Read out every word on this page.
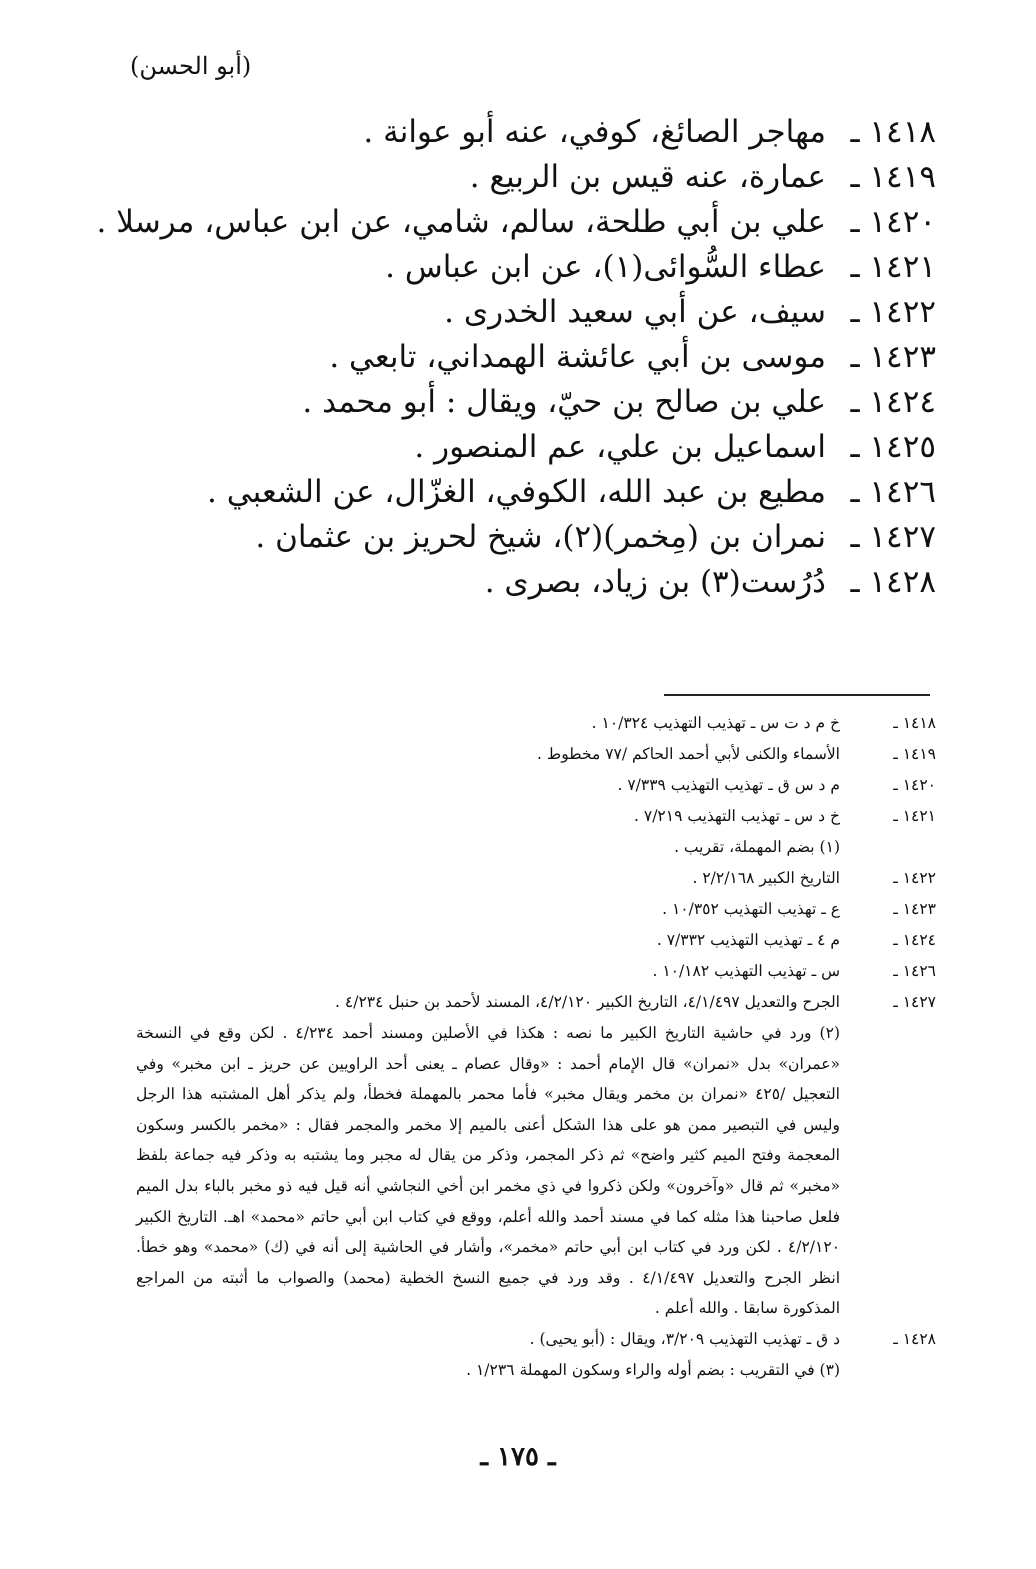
(أبو الحسن)
١٤١٨ ـمهاجر الصائغ، كوفي، عنه أبو عوانة .
١٤١٩ ـعمارة، عنه قيس بن الربيع .
١٤٢٠ ـعلي بن أبي طلحة، سالم، شامي، عن ابن عباس، مرسلا .
١٤٢١ ـعطاء السُّوائى(١)، عن ابن عباس .
١٤٢٢ ـسيف، عن أبي سعيد الخدرى .
١٤٢٣ ـموسى بن أبي عائشة الهمداني، تابعي .
١٤٢٤ ـعلي بن صالح بن حيّ، ويقال : أبو محمد .
١٤٢٥ ـاسماعيل بن علي، عم المنصور .
١٤٢٦ ـمطيع بن عبد الله، الكوفي، الغزّال، عن الشعبي .
١٤٢٧ ـنمران بن (مِخمر)(٢)، شيخ لحريز بن عثمان .
١٤٢٨ ـدُرُست(٣) بن زياد، بصرى .
١٤١٨ ـ
خ م د ت س ـ تهذيب التهذيب ١٠/٣٢٤ .
١٤١٩ ـ
الأسماء والكنى لأبي أحمد الحاكم /٧٧ مخطوط .
١٤٢٠ ـ
م د س ق ـ تهذيب التهذيب ٧/٣٣٩ .
١٤٢١ ـ
خ د س ـ تهذيب التهذيب ٧/٢١٩ .
(١) بضم المهملة، تقريب .
١٤٢٢ ـ
التاريخ الكبير ٢/٢/١٦٨ .
١٤٢٣ ـ
ع ـ تهذيب التهذيب ١٠/٣٥٢ .
١٤٢٤ ـ
م ٤ ـ تهذيب التهذيب ٧/٣٣٢ .
١٤٢٦ ـ
س ـ تهذيب التهذيب ١٠/١٨٢ .
١٤٢٧ ـ
الجرح والتعديل ٤/١/٤٩٧، التاريخ الكبير ٤/٢/١٢٠، المسند لأحمد بن حنبل ٤/٢٣٤ .
(٢) ورد في حاشية التاريخ الكبير ما نصه : هكذا في الأصلين ومسند أحمد ٤/٢٣٤ . لكن وقع في النسخة «عمران» بدل «نمران» قال الإمام أحمد : «وقال عصام ـ يعنى أحد الراويين عن حريز ـ ابن مخبر» وفي التعجيل /٤٢٥ «نمران بن مخمر ويقال مخبر» فأما محمر بالمهملة فخطأ، ولم يذكر أهل المشتبه هذا الرجل وليس في التبصير ممن هو على هذا الشكل أعنى بالميم إلا مخمر والمجمر فقال : «مخمر بالكسر وسكون المعجمة وفتح الميم كثير واضح» ثم ذكر المجمر، وذكر من يقال له مجبر وما يشتبه به وذكر فيه جماعة بلفظ «مخبر» ثم قال «وآخرون» ولكن ذكروا في ذي مخمر ابن أخي النجاشي أنه قيل فيه ذو مخبر بالباء بدل الميم فلعل صاحبنا هذا مثله كما في مسند أحمد والله أعلم، ووقع في كتاب ابن أبي حاتم «محمد» اهـ. التاريخ الكبير ٤/٢/١٢٠ . لكن ورد في كتاب ابن أبي حاتم «مخمر»، وأشار في الحاشية إلى أنه في (ك) «محمد» وهو خطأ. انظر الجرح والتعديل ٤/١/٤٩٧ . وقد ورد في جميع النسخ الخطية (محمد) والصواب ما أثبته من المراجع المذكورة سابقا . والله أعلم .
١٤٢٨ ـ
د ق ـ تهذيب التهذيب ٣/٢٠٩، ويقال : (أبو يحيى) .
(٣) في التقريب : بضم أوله والراء وسكون المهملة ١/٢٣٦ .
ـ ١٧٥ ـ
